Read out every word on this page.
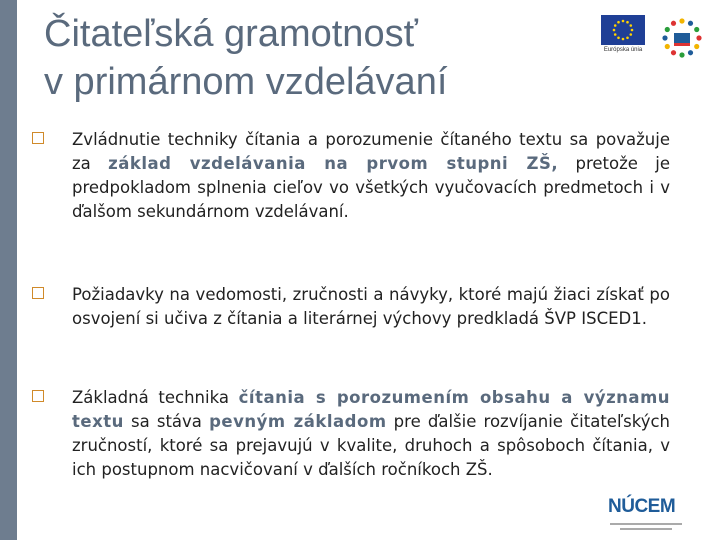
Čitateľská gramotnosť
v primárnom vzdelávaní
Európska únia
Zvládnutie techniky čítania a porozumenie čítaného textu sa považuje za základ vzdelávania na prvom stupni ZŠ, pretože je predpokladom splnenia cieľov vo všetkých vyučovacích predmetoch i v ďalšom sekundárnom vzdelávaní.
Požiadavky na vedomosti, zručnosti a návyky, ktoré majú žiaci získať po osvojení si učiva z čítania a literárnej výchovy predkladá ŠVP ISCED1.
Základná technika čítania s porozumením obsahu a významu textu sa stáva pevným základom pre ďalšie rozvíjanie čitateľských zručností, ktoré sa prejavujú v kvalite, druhoch a spôsoboch čítania, v ich postupnom nacvičovaní v ďalších ročníkoch ZŠ.
NÚCEM
